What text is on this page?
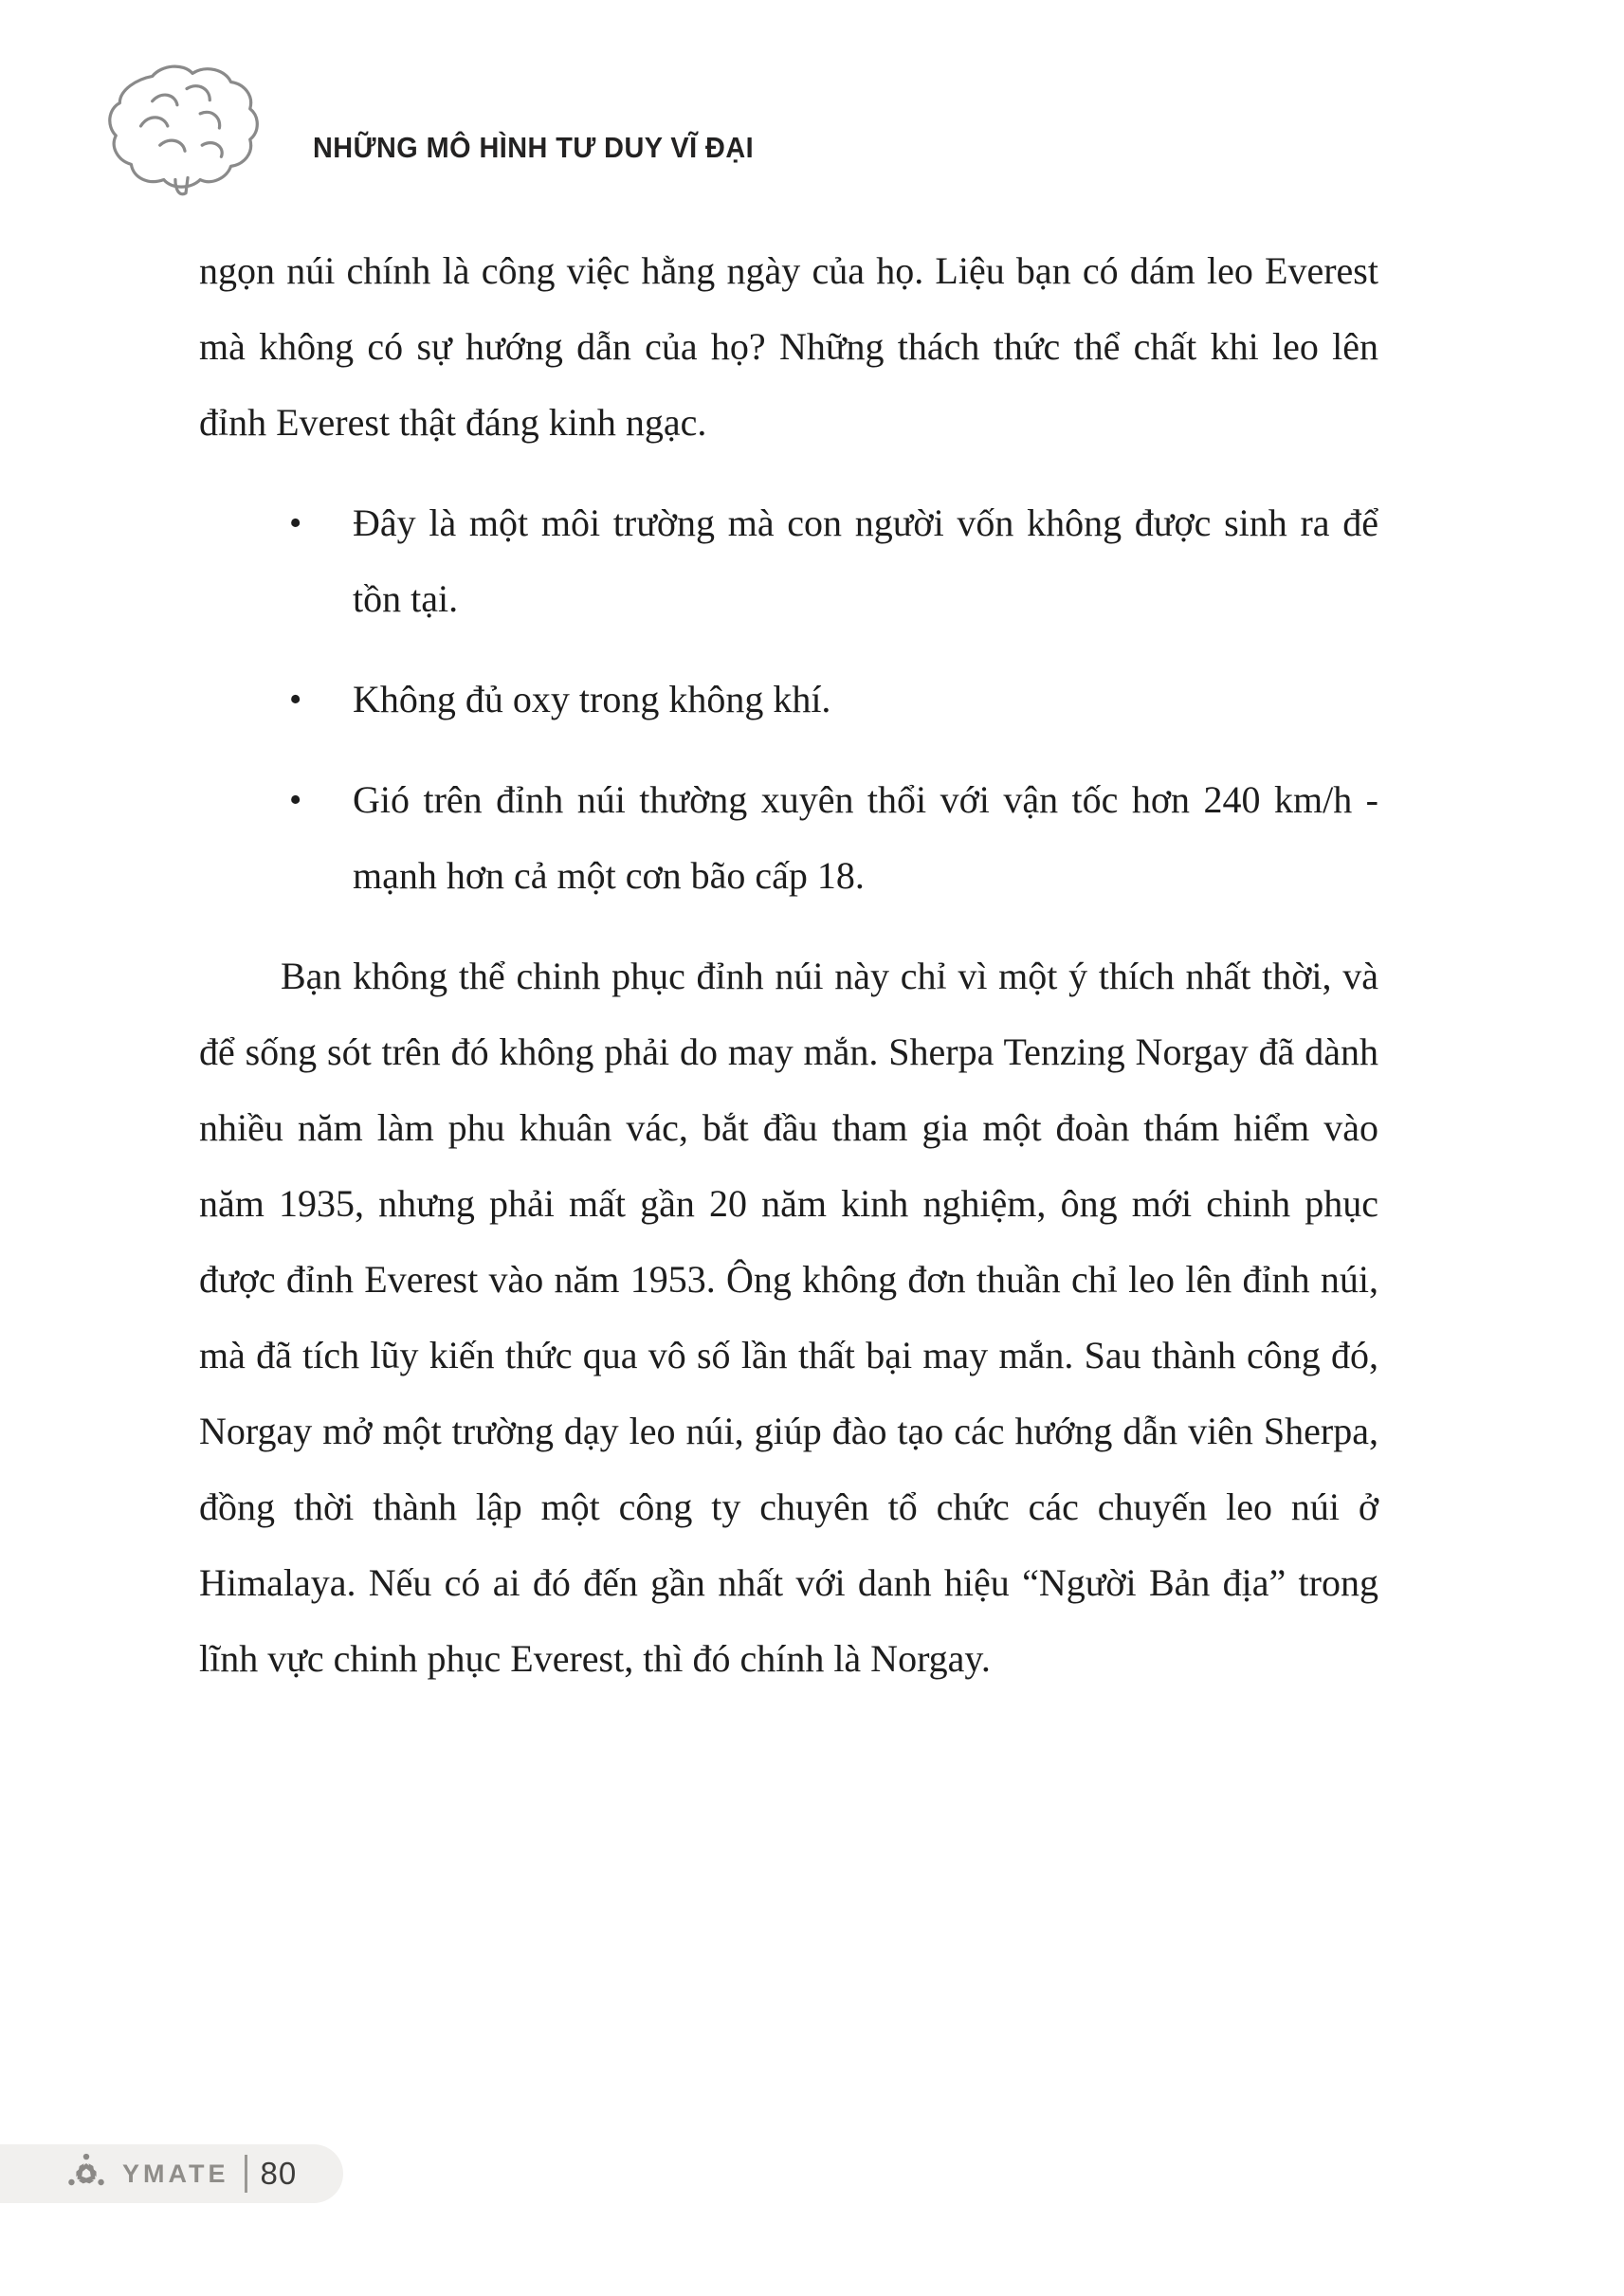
NHỮNG MÔ HÌNH TƯ DUY VĨ ĐẠI

ngọn núi chính là công việc hằng ngày của họ. Liệu bạn có dám leo Everest mà không có sự hướng dẫn của họ? Những thách thức thể chất khi leo lên đỉnh Everest thật đáng kinh ngạc.

•	Đây là một môi trường mà con người vốn không được sinh ra để tồn tại.
•	Không đủ oxy trong không khí.
•	Gió trên đỉnh núi thường xuyên thổi với vận tốc hơn 240 km/h - mạnh hơn cả một cơn bão cấp 18.

Bạn không thể chinh phục đỉnh núi này chỉ vì một ý thích nhất thời, và để sống sót trên đó không phải do may mắn. Sherpa Tenzing Norgay đã dành nhiều năm làm phu khuân vác, bắt đầu tham gia một đoàn thám hiểm vào năm 1935, nhưng phải mất gần 20 năm kinh nghiệm, ông mới chinh phục được đỉnh Everest vào năm 1953. Ông không đơn thuần chỉ leo lên đỉnh núi, mà đã tích lũy kiến thức qua vô số lần thất bại may mắn. Sau thành công đó, Norgay mở một trường dạy leo núi, giúp đào tạo các hướng dẫn viên Sherpa, đồng thời thành lập một công ty chuyên tổ chức các chuyến leo núi ở Himalaya. Nếu có ai đó đến gần nhất với danh hiệu “Người Bản địa” trong lĩnh vực chinh phục Everest, thì đó chính là Norgay.

YMATE 80
